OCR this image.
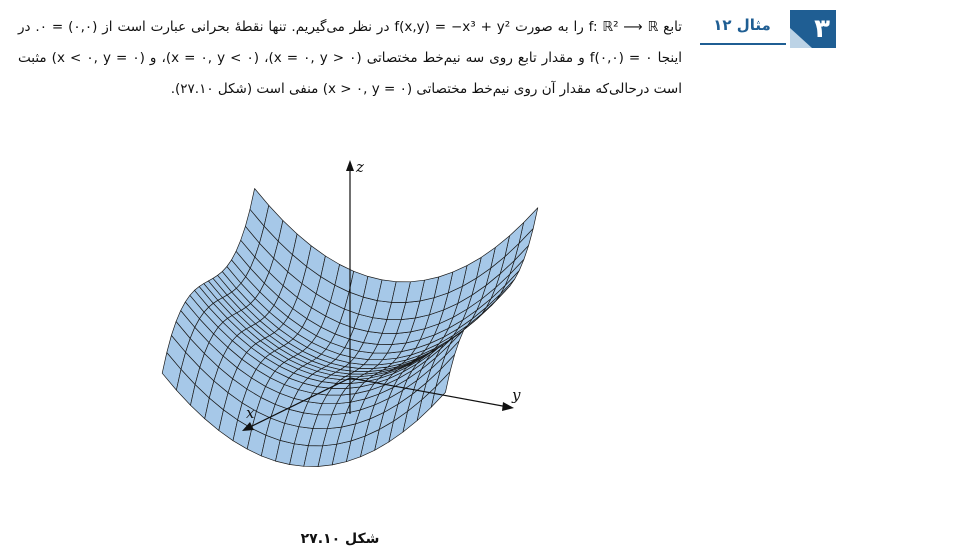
۳
مثال ۱۲

تابع f: ℝ² ⟶ ℝ را به صورت f(x,y) = −x³ + y² در نظر می‌گیریم. تنها نقطهٔ بحرانی عبارت است از (۰,۰) = ۰. در اینجا f(۰,۰) = ۰ و مقدار تابع روی سه نیم‌خط مختصاتی (x = ۰, y > ۰)، (x = ۰, y < ۰)، و (x < ۰, y = ۰) مثبت است درحالی‌که مقدار آن روی نیم‌خط مختصاتی (x > ۰, y = ۰) منفی است (شکل ۲۷.۱۰).

z
y
x
شکل ۲۷.۱۰
